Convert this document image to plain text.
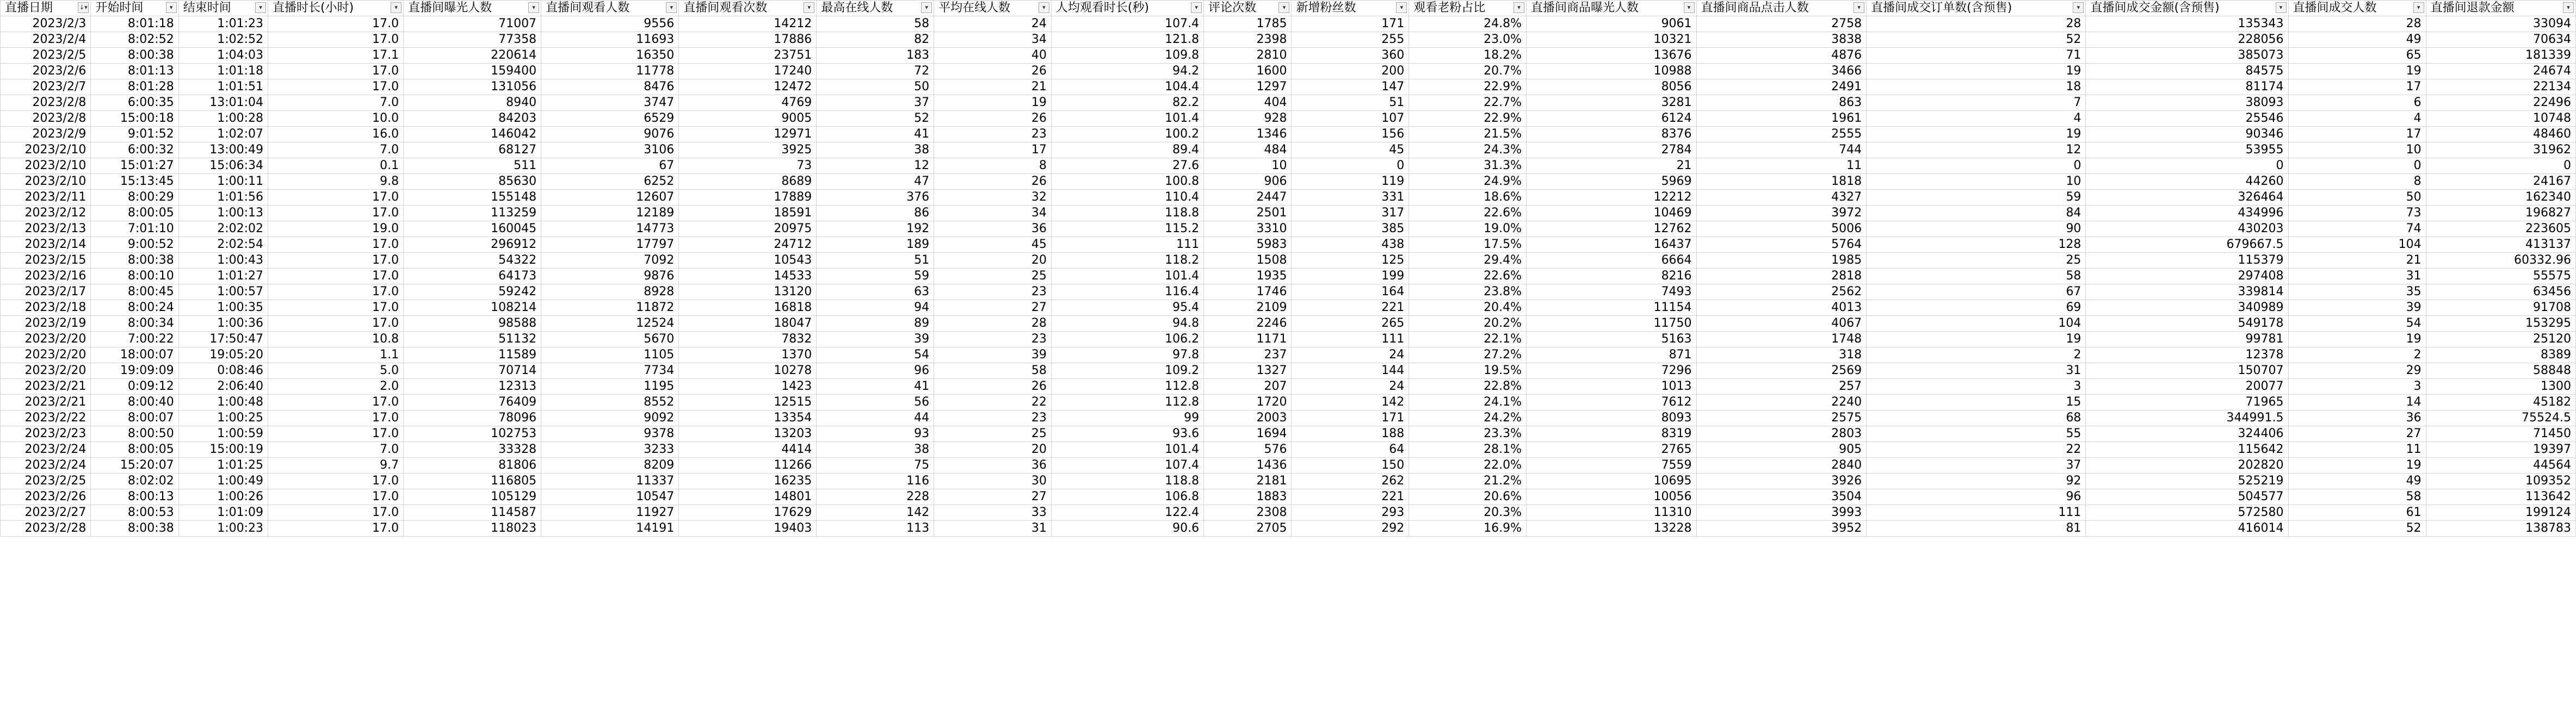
直播日期 ↓▾	开始时间 ▾	结束时间 ▾	直播时长(小时) ▾	直播间曝光人数 ▾	直播间观看人数 ▾	直播间观看次数 ▾	最高在线人数 ▾	平均在线人数 ▾	人均观看时长(秒) ▾	评论次数 ▾	新增粉丝数 ▾	观看老粉占比 ▾	直播间商品曝光人数 ▾	直播间商品点击人数 ▾	直播间成交订单数(含预售) ▾	直播间成交金额(含预售) ▾	直播间成交人数 ▾	直播间退款金额 ▾

2023/2/3	8:01:18	1:01:23	17.0	71007	9556	14212	58	24	107.4	1785	171	24.8%	9061	2758	28	135343	28	33094
2023/2/4	8:02:52	1:02:52	17.0	77358	11693	17886	82	34	121.8	2398	255	23.0%	10321	3838	52	228056	49	70634
2023/2/5	8:00:38	1:04:03	17.1	220614	16350	23751	183	40	109.8	2810	360	18.2%	13676	4876	71	385073	65	181339
2023/2/6	8:01:13	1:01:18	17.0	159400	11778	17240	72	26	94.2	1600	200	20.7%	10988	3466	19	84575	19	24674
2023/2/7	8:01:28	1:01:51	17.0	131056	8476	12472	50	21	104.4	1297	147	22.9%	8056	2491	18	81174	17	22134
2023/2/8	6:00:35	13:01:04	7.0	8940	3747	4769	37	19	82.2	404	51	22.7%	3281	863	7	38093	6	22496
2023/2/8	15:00:18	1:00:28	10.0	84203	6529	9005	52	26	101.4	928	107	22.9%	6124	1961	4	25546	4	10748
2023/2/9	9:01:52	1:02:07	16.0	146042	9076	12971	41	23	100.2	1346	156	21.5%	8376	2555	19	90346	17	48460
2023/2/10	6:00:32	13:00:49	7.0	68127	3106	3925	38	17	89.4	484	45	24.3%	2784	744	12	53955	10	31962
2023/2/10	15:01:27	15:06:34	0.1	511	67	73	12	8	27.6	10	0	31.3%	21	11	0	0	0	0
2023/2/10	15:13:45	1:00:11	9.8	85630	6252	8689	47	26	100.8	906	119	24.9%	5969	1818	10	44260	8	24167
2023/2/11	8:00:29	1:01:56	17.0	155148	12607	17889	376	32	110.4	2447	331	18.6%	12212	4327	59	326464	50	162340
2023/2/12	8:00:05	1:00:13	17.0	113259	12189	18591	86	34	118.8	2501	317	22.6%	10469	3972	84	434996	73	196827
2023/2/13	7:01:10	2:02:02	19.0	160045	14773	20975	192	36	115.2	3310	385	19.0%	12762	5006	90	430203	74	223605
2023/2/14	9:00:52	2:02:54	17.0	296912	17797	24712	189	45	111	5983	438	17.5%	16437	5764	128	679667.5	104	413137
2023/2/15	8:00:38	1:00:43	17.0	54322	7092	10543	51	20	118.2	1508	125	29.4%	6664	1985	25	115379	21	60332.96
2023/2/16	8:00:10	1:01:27	17.0	64173	9876	14533	59	25	101.4	1935	199	22.6%	8216	2818	58	297408	31	55575
2023/2/17	8:00:45	1:00:57	17.0	59242	8928	13120	63	23	116.4	1746	164	23.8%	7493	2562	67	339814	35	63456
2023/2/18	8:00:24	1:00:35	17.0	108214	11872	16818	94	27	95.4	2109	221	20.4%	11154	4013	69	340989	39	91708
2023/2/19	8:00:34	1:00:36	17.0	98588	12524	18047	89	28	94.8	2246	265	20.2%	11750	4067	104	549178	54	153295
2023/2/20	7:00:22	17:50:47	10.8	51132	5670	7832	39	23	106.2	1171	111	22.1%	5163	1748	19	99781	19	25120
2023/2/20	18:00:07	19:05:20	1.1	11589	1105	1370	54	39	97.8	237	24	27.2%	871	318	2	12378	2	8389
2023/2/20	19:09:09	0:08:46	5.0	70714	7734	10278	96	58	109.2	1327	144	19.5%	7296	2569	31	150707	29	58848
2023/2/21	0:09:12	2:06:40	2.0	12313	1195	1423	41	26	112.8	207	24	22.8%	1013	257	3	20077	3	1300
2023/2/21	8:00:40	1:00:48	17.0	76409	8552	12515	56	22	112.8	1720	142	24.1%	7612	2240	15	71965	14	45182
2023/2/22	8:00:07	1:00:25	17.0	78096	9092	13354	44	23	99	2003	171	24.2%	8093	2575	68	344991.5	36	75524.5
2023/2/23	8:00:50	1:00:59	17.0	102753	9378	13203	93	25	93.6	1694	188	23.3%	8319	2803	55	324406	27	71450
2023/2/24	8:00:05	15:00:19	7.0	33328	3233	4414	38	20	101.4	576	64	28.1%	2765	905	22	115642	11	19397
2023/2/24	15:20:07	1:01:25	9.7	81806	8209	11266	75	36	107.4	1436	150	22.0%	7559	2840	37	202820	19	44564
2023/2/25	8:02:02	1:00:49	17.0	116805	11337	16235	116	30	118.8	2181	262	21.2%	10695	3926	92	525219	49	109352
2023/2/26	8:00:13	1:00:26	17.0	105129	10547	14801	228	27	106.8	1883	221	20.6%	10056	3504	96	504577	58	113642
2023/2/27	8:00:53	1:01:09	17.0	114587	11927	17629	142	33	122.4	2308	293	20.3%	11310	3993	111	572580	61	199124
2023/2/28	8:00:38	1:00:23	17.0	118023	14191	19403	113	31	90.6	2705	292	16.9%	13228	3952	81	416014	52	138783
